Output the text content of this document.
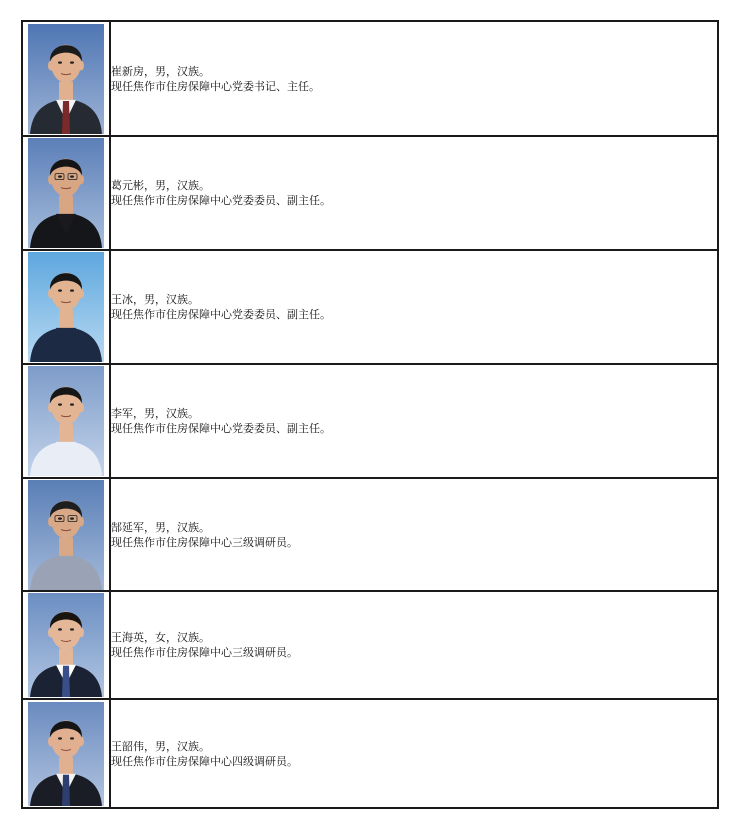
崔新房，男，汉族。
现任焦作市住房保障中心党委书记、主任。

葛元彬，男，汉族。
现任焦作市住房保障中心党委委员、副主任。

王冰，男，汉族。
现任焦作市住房保障中心党委委员、副主任。

李军，男，汉族。
现任焦作市住房保障中心党委委员、副主任。

郜延军，男，汉族。
现任焦作市住房保障中心三级调研员。

王海英，女，汉族。
现任焦作市住房保障中心三级调研员。

王韶伟，男，汉族。
现任焦作市住房保障中心四级调研员。
